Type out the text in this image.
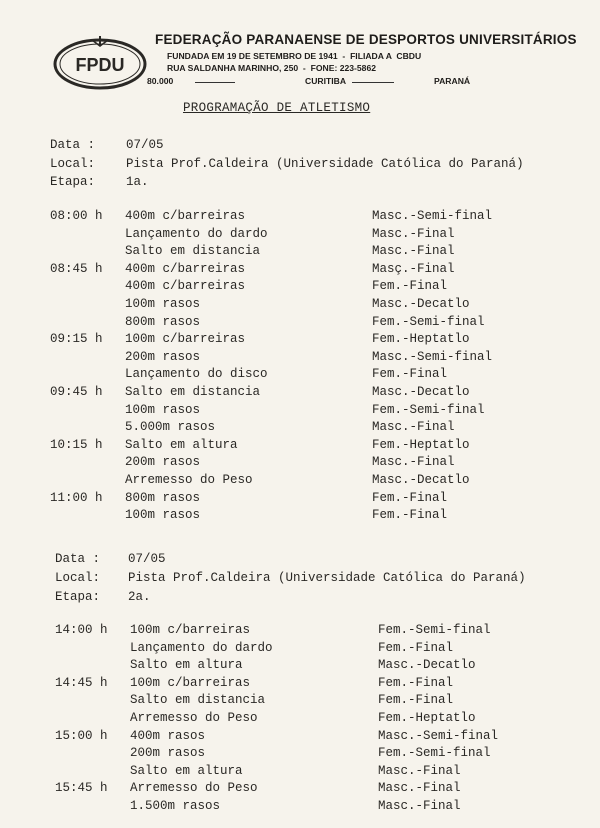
FPDU
FEDERAÇÃO PARANAENSE DE DESPORTOS UNIVERSITÁRIOS
FUNDADA EM 19 DE SETEMBRO DE 1941  -  FILIADA A  CBDU
RUA SALDANHA MARINHO, 250  -  FONE: 223-5862
80.000	CURITIBA	PARANÁ
PROGRAMAÇÃO DE ATLETISMO
Data : 07/05
Local: Pista Prof.Caldeira (Universidade Católica do Paraná)
Etapa: 1a.
08:00 h 400m c/barreiras	Masc.-Semi-final
Lançamento do dardo	Masc.-Final
Salto em distancia	Masc.-Final
08:45 h 400m c/barreiras	Masç.-Final
400m c/barreiras	Fem.-Final
100m rasos	Masc.-Decatlo
800m rasos	Fem.-Semi-final
09:15 h 100m c/barreiras	Fem.-Heptatlo
200m rasos	Masc.-Semi-final
Lançamento do disco	Fem.-Final
09:45 h Salto em distancia	Masc.-Decatlo
100m rasos	Fem.-Semi-final
5.000m rasos	Masc.-Final
10:15 h Salto em altura	Fem.-Heptatlo
200m rasos	Masc.-Final
Arremesso do Peso	Masc.-Decatlo
11:00 h 800m rasos	Fem.-Final
100m rasos	Fem.-Final
Data : 07/05
Local: Pista Prof.Caldeira (Universidade Católica do Paraná)
Etapa: 2a.
14:00 h 100m c/barreiras	Fem.-Semi-final
Lançamento do dardo	Fem.-Final
Salto em altura	Masc.-Decatlo
14:45 h 100m c/barreiras	Fem.-Final
Salto em distancia	Fem.-Final
Arremesso do Peso	Fem.-Heptatlo
15:00 h 400m rasos	Masc.-Semi-final
200m rasos	Fem.-Semi-final
Salto em altura	Masc.-Final
15:45 h Arremesso do Peso	Masc.-Final
1.500m rasos	Masc.-Final
